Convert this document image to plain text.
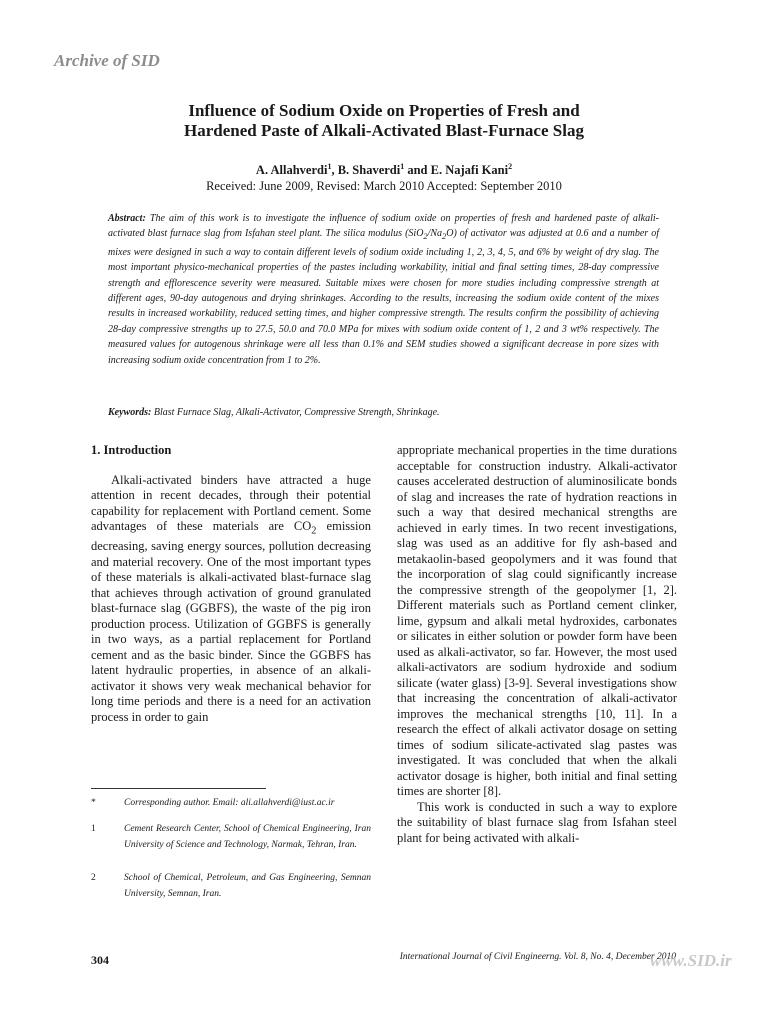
Archive of SID
Influence of Sodium Oxide on Properties of Fresh and
Hardened Paste of Alkali-Activated Blast-Furnace Slag
A. Allahverdi$^1$, B. Shaverdi$^1$ and E. Najafi Kani$^2$
Received: June 2009, Revised: March 2010 Accepted: September 2010
Abstract: The aim of this work is to investigate the influence of sodium oxide on properties of fresh and hardened paste of alkali-activated blast furnace slag from Isfahan steel plant. The silica modulus $(SiO_2/Na_2O)$ of activator was adjusted at 0.6 and a number of mixes were designed in such a way to contain different levels of sodium oxide including 1, 2, 3, 4, 5, and 6% by weight of dry slag. The most important physico-mechanical properties of the pastes including workability, initial and final setting times, 28-day compressive strength and efflorescence severity were measured. Suitable mixes were chosen for more studies including compressive strength at different ages, 90-day autogenous and drying shrinkages. According to the results, increasing the sodium oxide content of the mixes results in increased workability, reduced setting times, and higher compressive strength. The results confirm the possibility of achieving 28-day compressive strengths up to 27.5, 50.0 and 70.0 MPa for mixes with sodium oxide content of 1, 2 and 3 wt% respectively. The measured values for autogenous shrinkage were all less than 0.1% and SEM studies showed a significant decrease in pore sizes with increasing sodium oxide concentration from 1 to 2%.
Keywords: Blast Furnace Slag, Alkali-Activator, Compressive Strength, Shrinkage.

1. Introduction

Alkali-activated binders have attracted a huge attention in recent decades, through their potential capability for replacement with Portland cement. Some advantages of these materials are $CO_2$ emission decreasing, saving energy sources, pollution decreasing and material recovery. One of the most important types of these materials is alkali-activated blast-furnace slag that achieves through activation of ground granulated blast-furnace slag (GGBFS), the waste of the pig iron production process. Utilization of GGBFS is generally in two ways, as a partial replacement for Portland cement and as the basic binder. Since the GGBFS has latent hydraulic properties, in absence of an alkali-activator it shows very weak mechanical behavior for long time periods and there is a need for an activation process in order to gain

appropriate mechanical properties in the time durations acceptable for construction industry. Alkali-activator causes accelerated destruction of aluminosilicate bonds of slag and increases the rate of hydration reactions in such a way that desired mechanical strengths are achieved in early times. In two recent investigations, slag was used as an additive for fly ash-based and metakaolin-based geopolymers and it was found that the incorporation of slag could significantly increase the compressive strength of the geopolymer [1, 2]. Different materials such as Portland cement clinker, lime, gypsum and alkali metal hydroxides, carbonates or silicates in either solution or powder form have been used as alkali-activator, so far. However, the most used alkali-activators are sodium hydroxide and sodium silicate (water glass) [3-9]. Several investigations show that increasing the concentration of alkali-activator improves the mechanical strengths [10, 11]. In a research the effect of alkali activator dosage on setting times of sodium silicate-activated slag pastes was investigated. It was concluded that when the alkali activator dosage is higher, both initial and final setting times are shorter [8].

This work is conducted in such a way to explore the suitability of blast furnace slag from Isfahan steel plant for being activated with alkali-

*	Corresponding author. Email: ali.allahverdi@iust.ac.ir
1	Cement Research Center, School of Chemical Engineering, Iran University of Science and Technology, Narmak, Tehran, Iran.
2	School of Chemical, Petroleum, and Gas Engineering, Semnan University, Semnan, Iran.
304	International Journal of Civil Engineerng. Vol. 8, No. 4, December 2010
www.SID.ir
